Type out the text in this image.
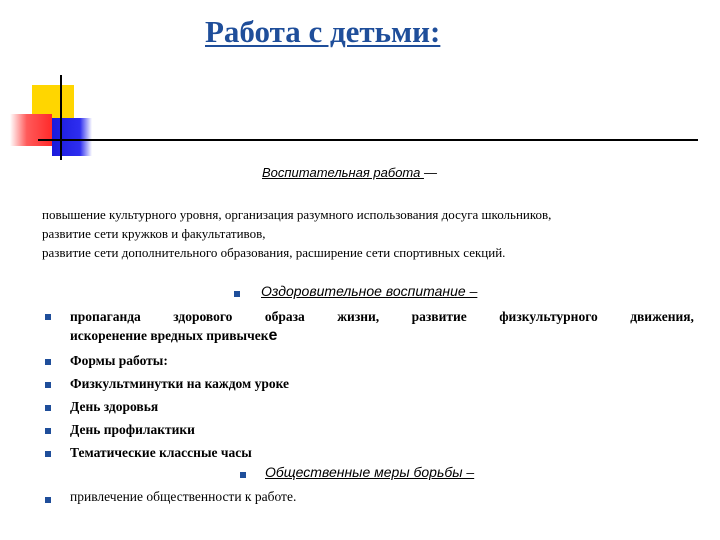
Работа с детьми:
Воспитательная работа —
повышение культурного уровня, организация разумного использования досуга школьников,
развитие сети кружков и факультативов,
развитие сети дополнительного образования, расширение сети спортивных секций.
Оздоровительное воспитание –
пропаганда здорового образа жизни, развитие физкультурного движения,
искоренение вредных привычеке
Формы работы:
Физкультминутки на каждом уроке
День здоровья
День профилактики
Тематические классные часы
Общественные меры борьбы –
привлечение общественности к работе.
